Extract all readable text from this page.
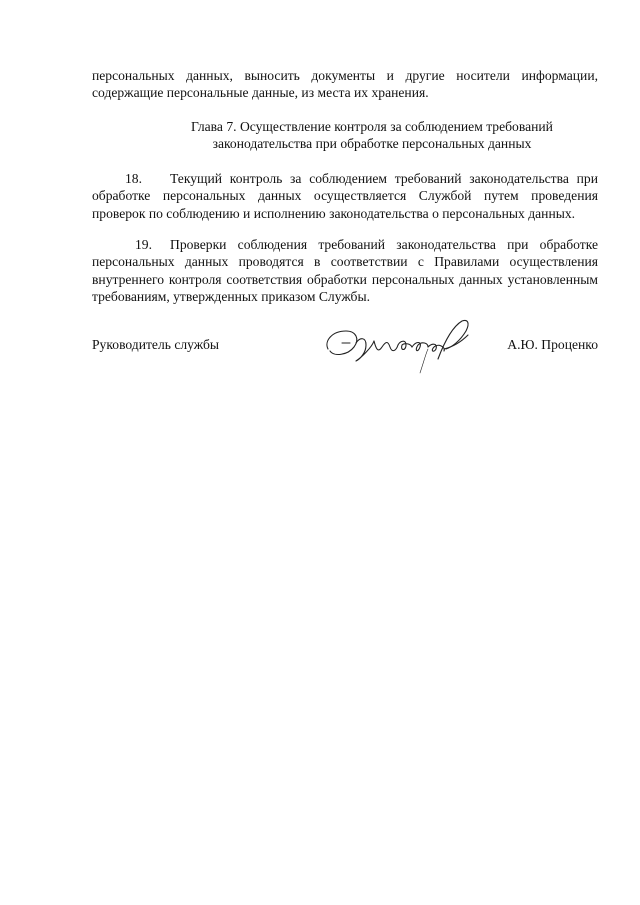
персональных данных, выносить документы и другие носители информации,

содержащие персональные данные, из места их хранения.

Глава 7. Осуществление контроля за соблюдением требований
законодательства при обработке персональных данных

18. Текущий контроль за соблюдением требований законодательства при обработке персональных данных осуществляется Службой путем проведения проверок по соблюдению и исполнению законодательства о персональных данных.

19. Проверки соблюдения требований законодательства при обработке персональных данных проводятся в соответствии с Правилами осуществления внутреннего контроля соответствия обработки персональных данных установленным требованиям, утвержденных приказом Службы.

Руководитель службы	А.Ю. Проценко
